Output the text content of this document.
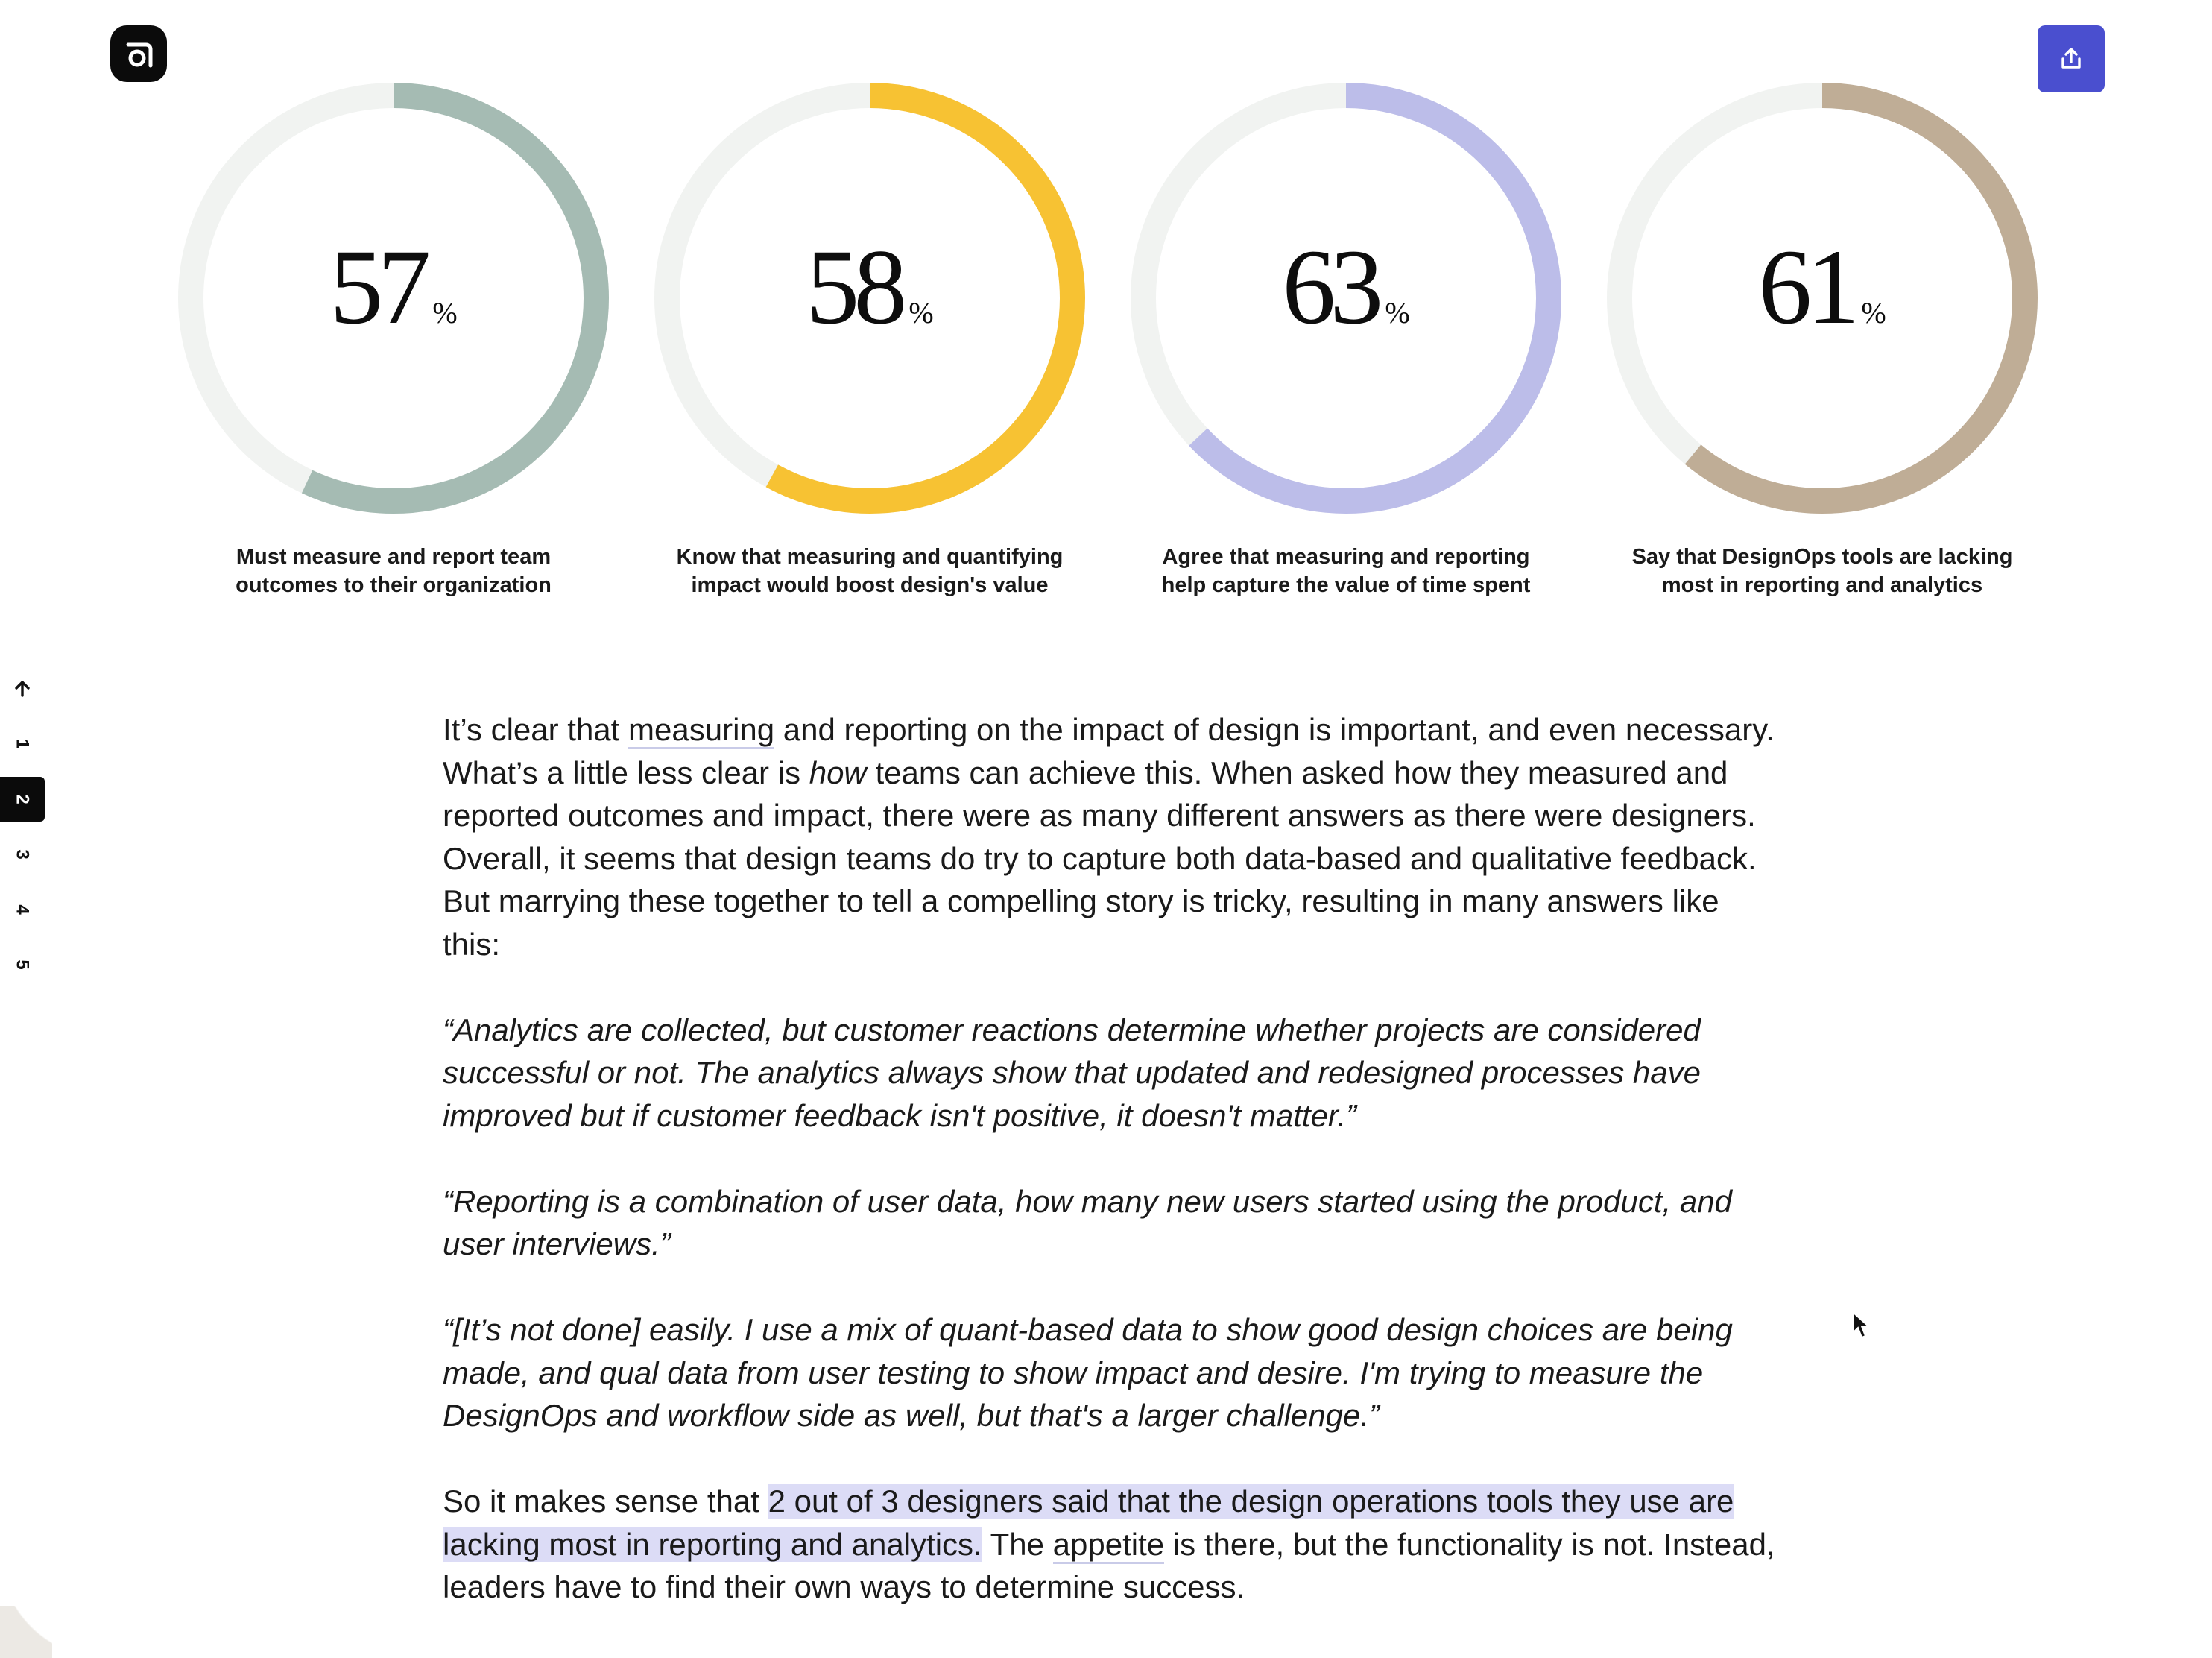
57 %
Must measure and report team outcomes to their organization
58 %
Know that measuring and quantifying impact would boost design's value
63 %
Agree that measuring and reporting help capture the value of time spent
61 %
Say that DesignOps tools are lacking most in reporting and analytics
1
2
3
4
5

It’s clear that measuring and reporting on the impact of design is important, and even necessary. What’s a little less clear is how teams can achieve this. When asked how they measured and reported outcomes and impact, there were as many different answers as there were designers. Overall, it seems that design teams do try to capture both data-based and qualitative feedback. But marrying these together to tell a compelling story is tricky, resulting in many answers like this:

“Analytics are collected, but customer reactions determine whether projects are considered successful or not. The analytics always show that updated and redesigned processes have improved but if customer feedback isn't positive, it doesn't matter.”

“Reporting is a combination of user data, how many new users started using the product, and user interviews.”

“[It’s not done] easily. I use a mix of quant-based data to show good design choices are being made, and qual data from user testing to show impact and desire. I'm trying to measure the DesignOps and workflow side as well, but that's a larger challenge.”

So it makes sense that 2 out of 3 designers said that the design operations tools they use are lacking most in reporting and analytics. The appetite is there, but the functionality is not. Instead, leaders have to find their own ways to determine success.
